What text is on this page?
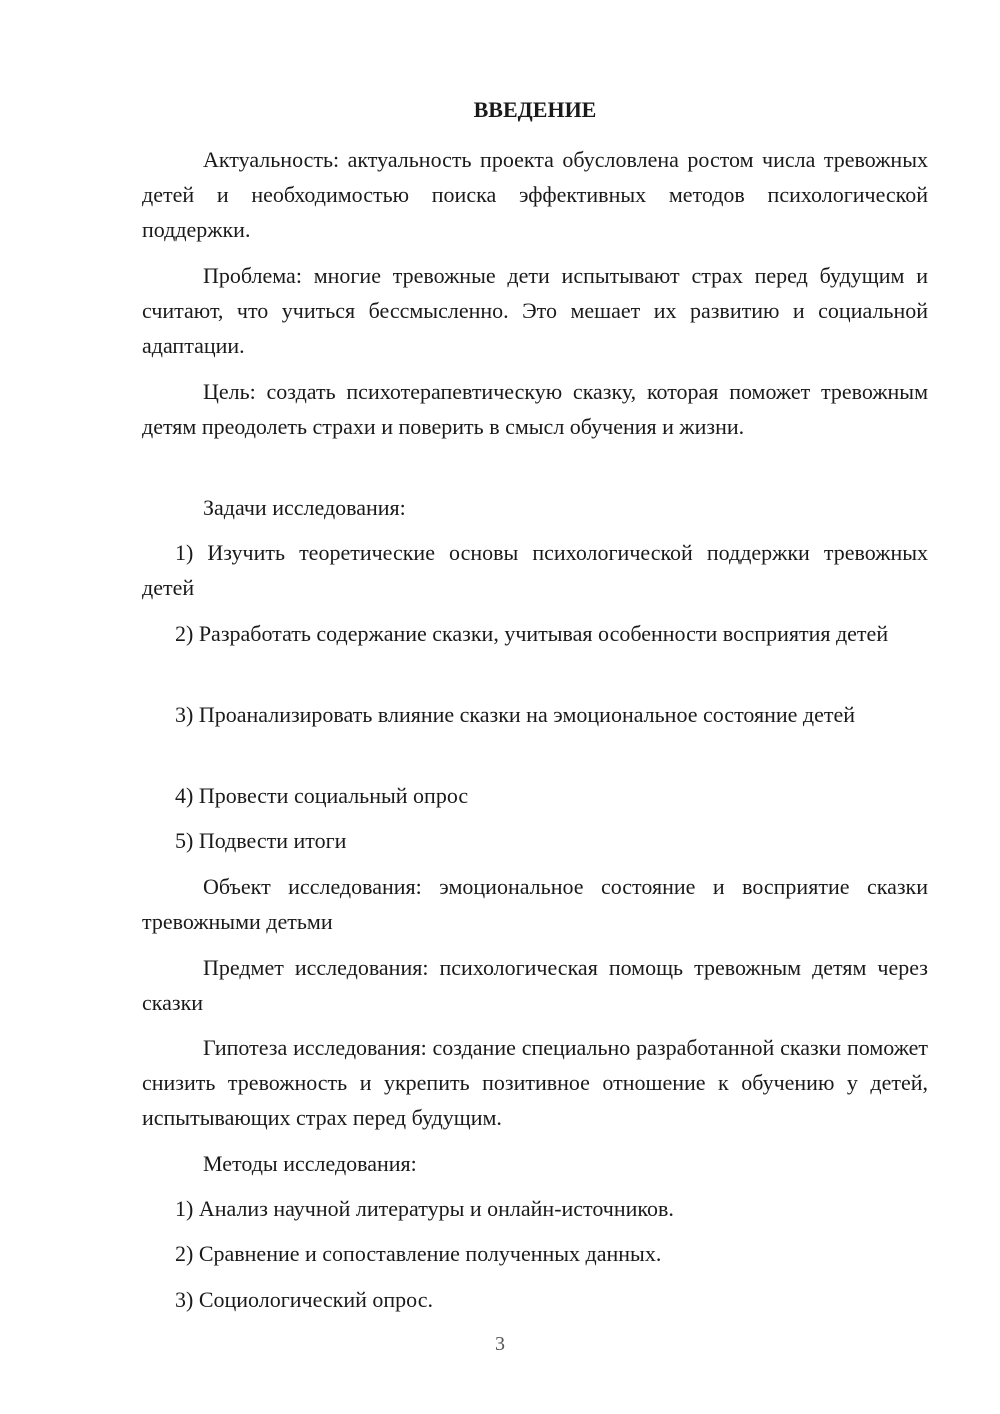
ВВЕДЕНИЕ

Актуальность: актуальность проекта обусловлена ростом числа тревожных детей и необходимостью поиска эффективных методов психологической поддержки.

Проблема: многие тревожные дети испытывают страх перед будущим и считают, что учиться бессмысленно. Это мешает их развитию и социальной адаптации.

Цель: создать психотерапевтическую сказку, которая поможет тревожным детям преодолеть страхи и поверить в смысл обучения и жизни.

Задачи исследования:

1) Изучить теоретические основы психологической поддержки тревожных детей

2) Разработать содержание сказки, учитывая особенности восприятия детей

3) Проанализировать влияние сказки на эмоциональное состояние детей

4) Провести социальный опрос

5) Подвести итоги

Объект исследования: эмоциональное состояние и восприятие сказки тревожными детьми

Предмет исследования: психологическая помощь тревожным детям через сказки

Гипотеза исследования: создание специально разработанной сказки поможет снизить тревожность и укрепить позитивное отношение к обучению у детей, испытывающих страх перед будущим.

Методы исследования:

1) Анализ научной литературы и онлайн-источников.

2) Сравнение и сопоставление полученных данных.

3) Социологический опрос.

3
